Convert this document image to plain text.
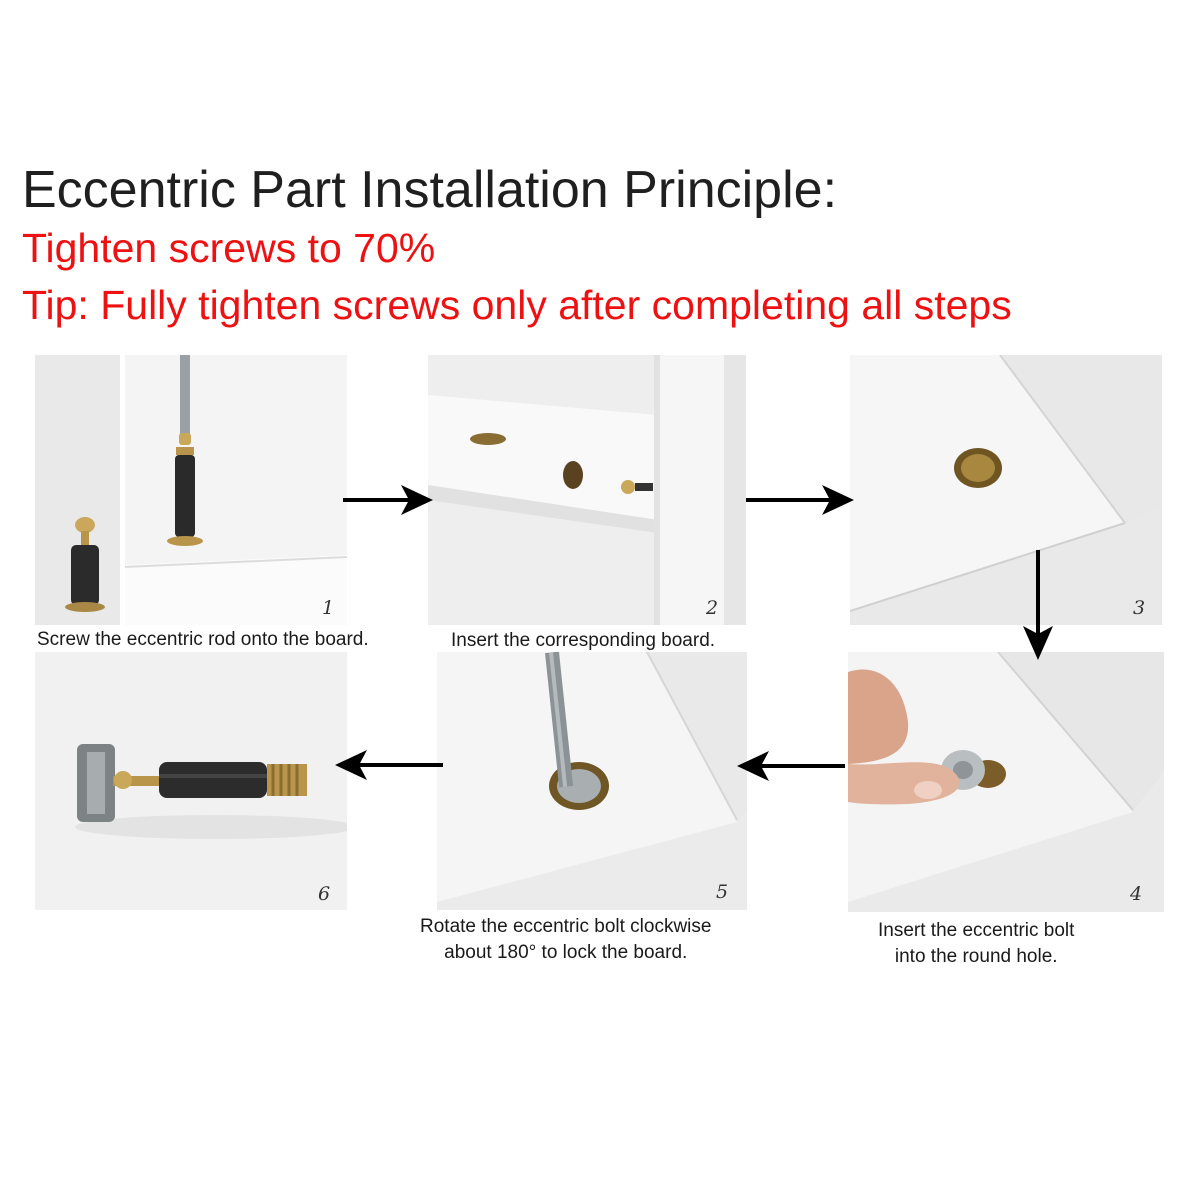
Eccentric Part Installation Principle:
Tighten screws to 70%
Tip: Fully tighten screws only after completing all steps
1	2	3
4
5
6
Screw the eccentric rod onto the board.	Insert the corresponding board.
Insert the eccentric bolt
into the round hole.
Rotate the eccentric bolt clockwise
about 180° to lock the board.
